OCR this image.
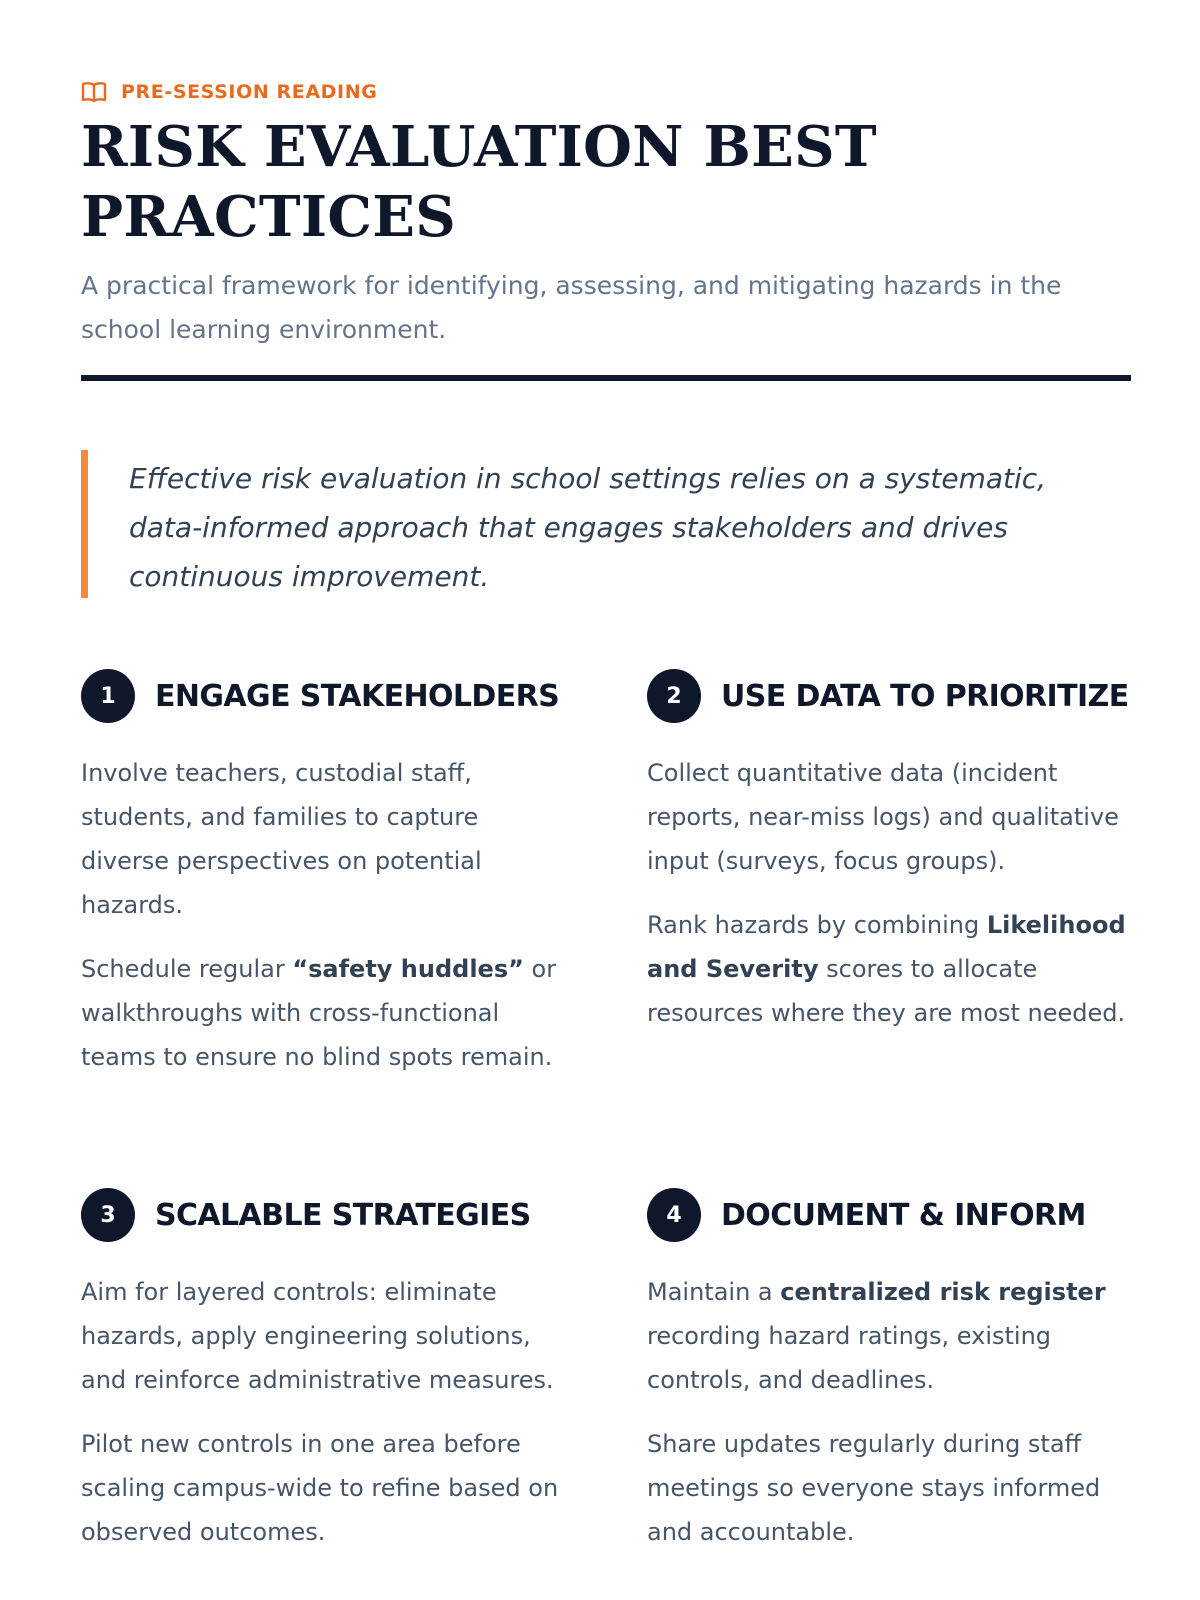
PRE-SESSION READING
RISK EVALUATION BEST PRACTICES

A practical framework for identifying, assessing, and mitigating hazards in the school learning environment.

Effective risk evaluation in school settings relies on a systematic, data-informed approach that engages stakeholders and drives continuous improvement.

1	ENGAGE STAKEHOLDERS

Involve teachers, custodial staff, students, and families to capture diverse perspectives on potential hazards.

Schedule regular “safety huddles” or walkthroughs with cross-functional teams to ensure no blind spots remain.

2	USE DATA TO PRIORITIZE

Collect quantitative data (incident reports, near-miss logs) and qualitative input (surveys, focus groups).

Rank hazards by combining Likelihood and Severity scores to allocate resources where they are most needed.

3	SCALABLE STRATEGIES

Aim for layered controls: eliminate hazards, apply engineering solutions, and reinforce administrative measures.

Pilot new controls in one area before scaling campus-wide to refine based on observed outcomes.

4	DOCUMENT & INFORM

Maintain a centralized risk register recording hazard ratings, existing controls, and deadlines.

Share updates regularly during staff meetings so everyone stays informed and accountable.
